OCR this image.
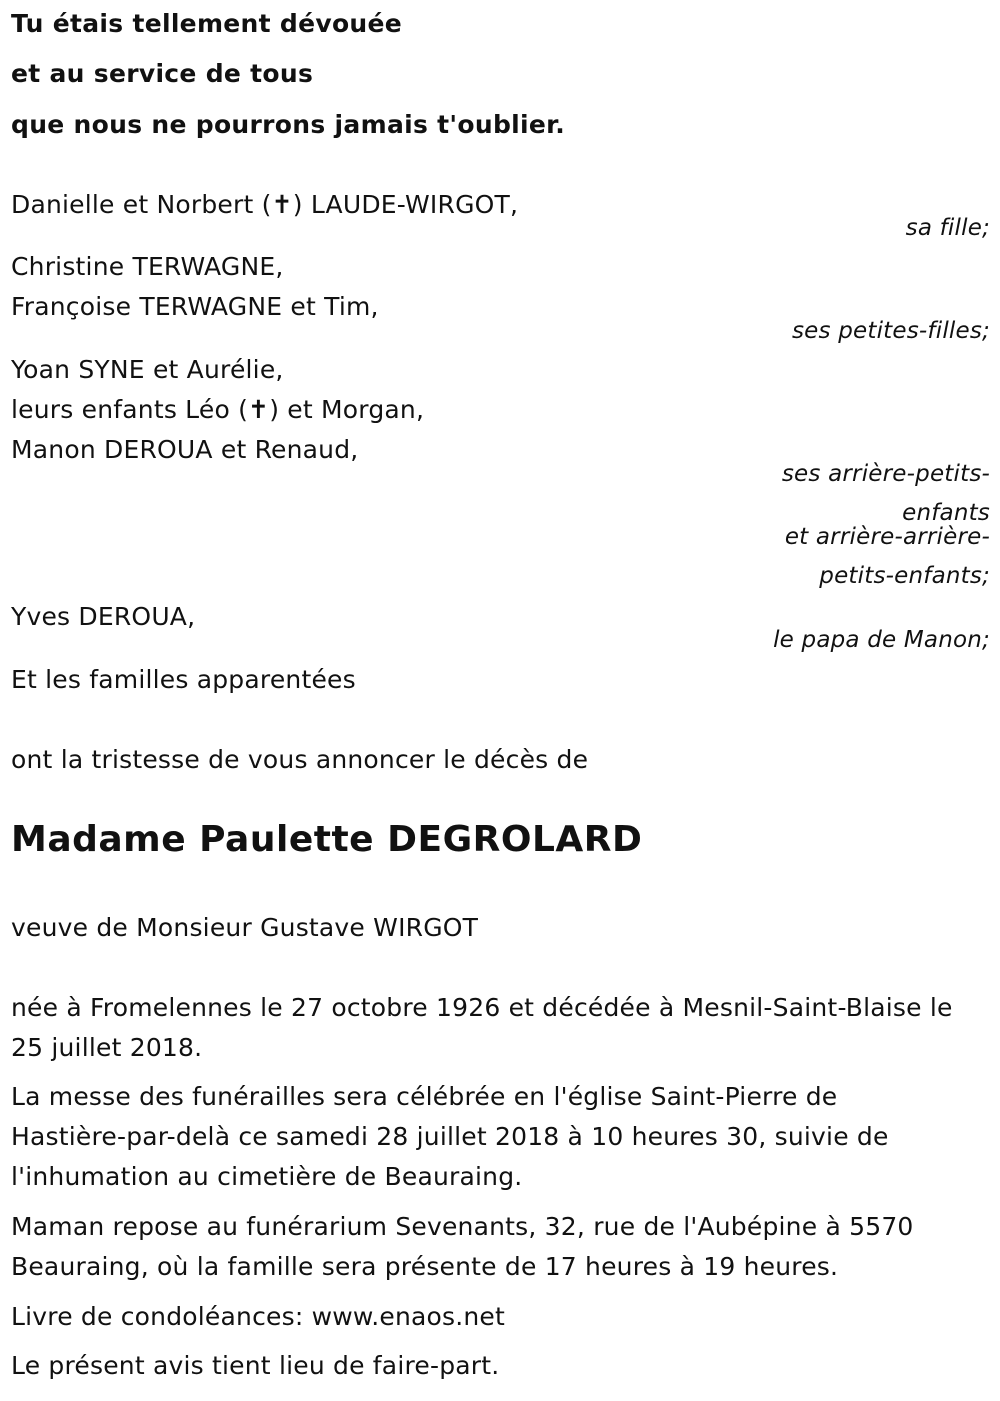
Tu étais tellement dévouée
et au service de tous
que nous ne pourrons jamais t'oublier.
Danielle et Norbert (✝) LAUDE-WIRGOT,
sa fille;
Christine TERWAGNE,
Françoise TERWAGNE et Tim,
ses petites-filles;
Yoan SYNE et Aurélie,
leurs enfants Léo (✝) et Morgan,
Manon DEROUA et Renaud,
ses arrière-petits-
enfants
et arrière-arrière-
petits-enfants;
Yves DEROUA,
le papa de Manon;
Et les familles apparentées
ont la tristesse de vous annoncer le décès de
Madame Paulette DEGROLARD
veuve de Monsieur Gustave WIRGOT
née à Fromelennes le 27 octobre 1926 et décédée à Mesnil-Saint-Blaise le
25 juillet 2018.
La messe des funérailles sera célébrée en l'église Saint-Pierre de
Hastière-par-delà ce samedi 28 juillet 2018 à 10 heures 30, suivie de
l'inhumation au cimetière de Beauraing.
Maman repose au funérarium Sevenants, 32, rue de l'Aubépine à 5570
Beauraing, où la famille sera présente de 17 heures à 19 heures.
Livre de condoléances: www.enaos.net
Le présent avis tient lieu de faire-part.
